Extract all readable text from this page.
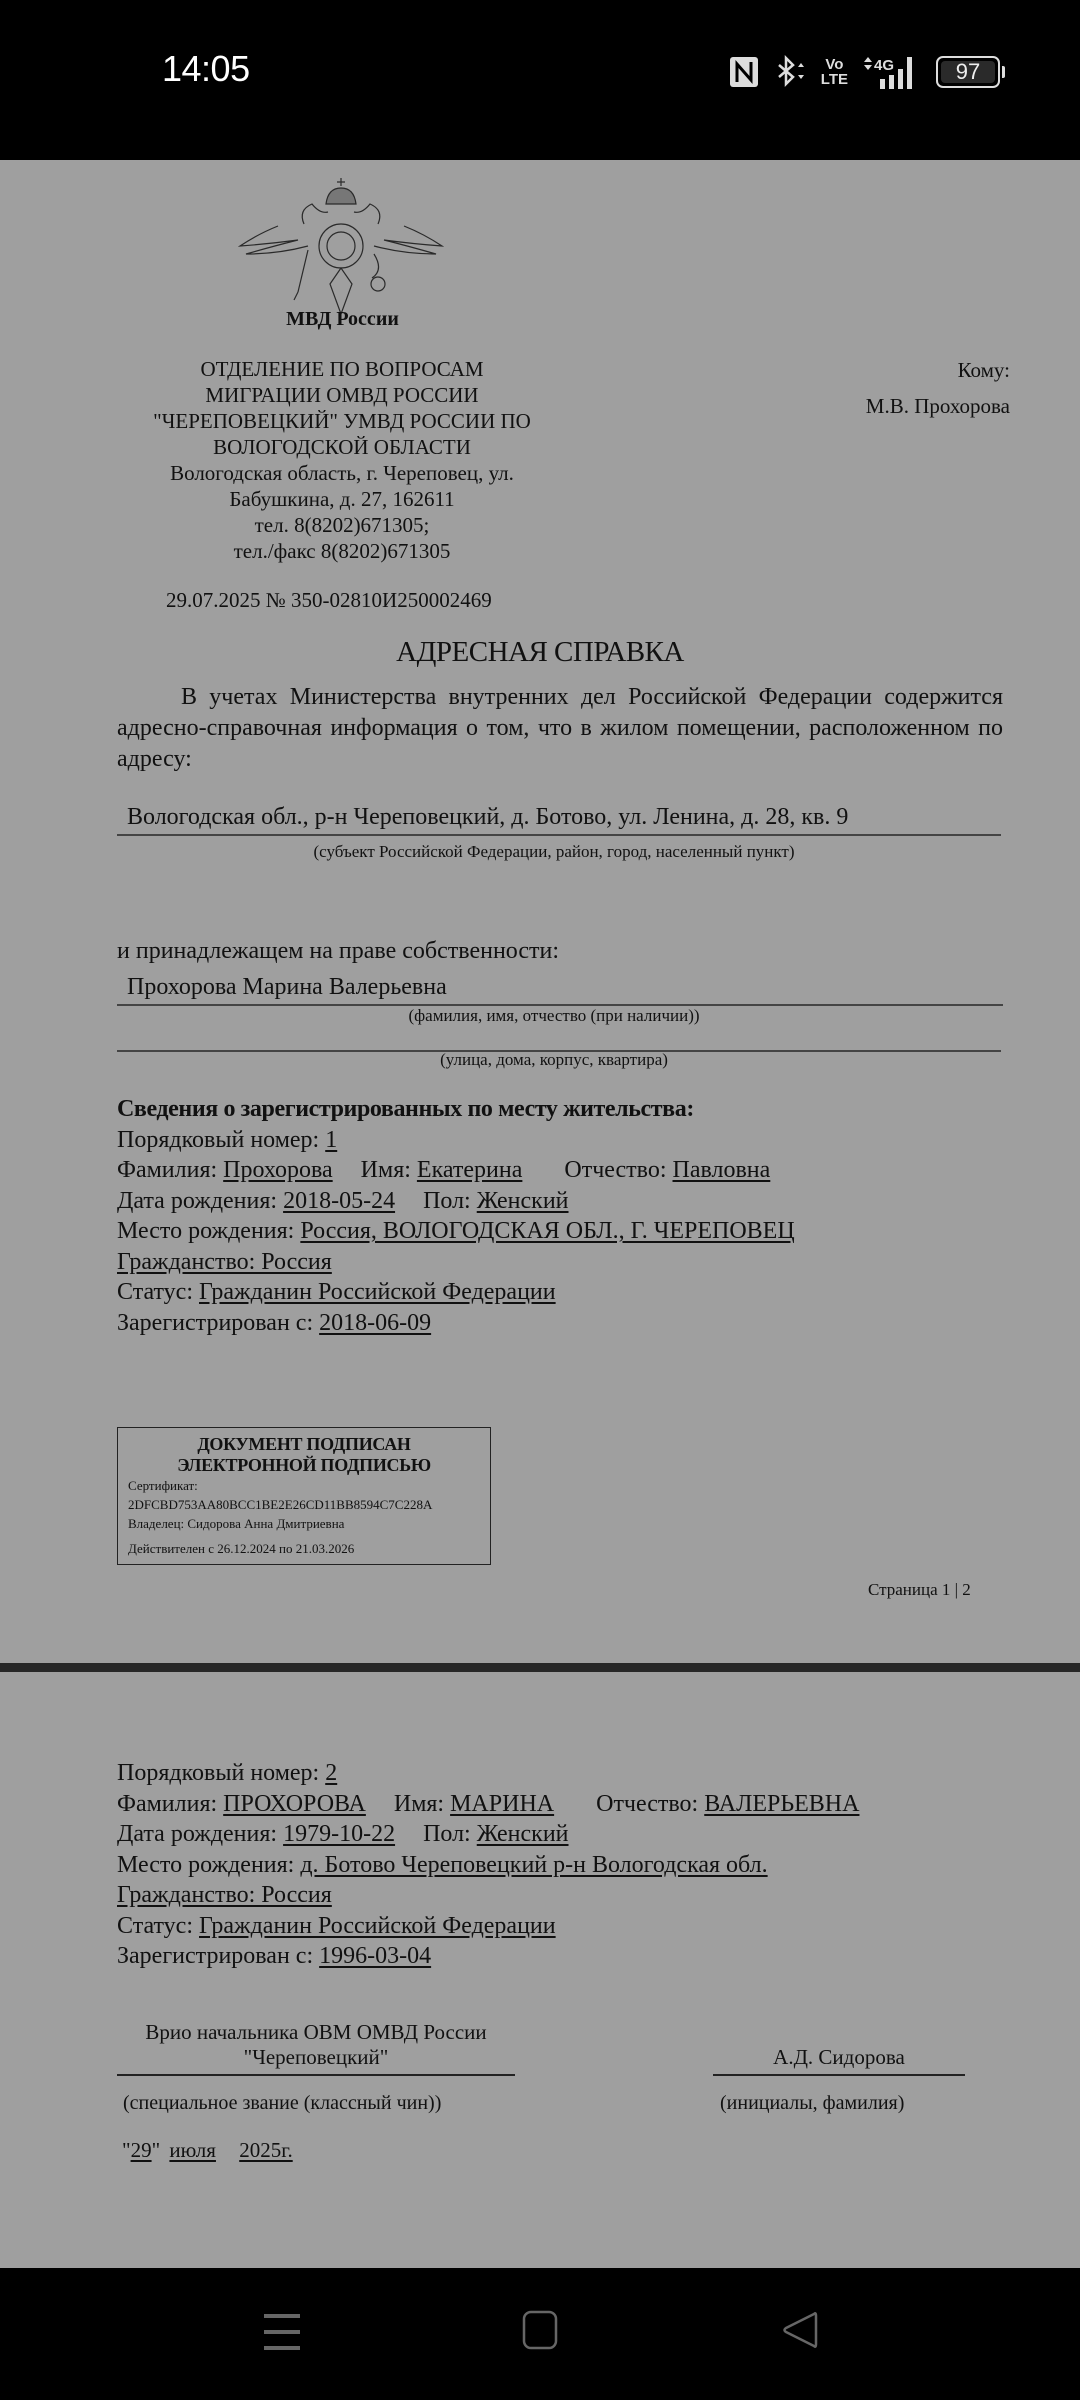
14:05	Vo
LTE
4G	97
МВД России
ОТДЕЛЕНИЕ ПО ВОПРОСАМ
МИГРАЦИИ ОМВД РОССИИ
"ЧЕРЕПОВЕЦКИЙ" УМВД РОССИИ ПО
ВОЛОГОДСКОЙ ОБЛАСТИ
Вологодская область, г. Череповец, ул.
Бабушкина, д. 27, 162611
тел. 8(8202)671305;
тел./факс 8(8202)671305
29.07.2025 № 350-02810И250002469
Кому:
М.В. Прохорова
АДРЕСНАЯ СПРАВКА
В учетах Министерства внутренних дел Российской Федерации содержится адресно-справочная информация о том, что в жилом помещении, расположенном по адресу:
Вологодская обл., р-н Череповецкий, д. Ботово, ул. Ленина, д. 28, кв. 9
(субъект Российской Федерации, район, город, населенный пункт)
(улица, дома, корпус, квартира)
и принадлежащем на праве собственности:
Прохорова Марина Валерьевна
(фамилия, имя, отчество (при наличии))
Сведения о зарегистрированных по месту жительства:
Порядковый номер: 1
Фамилия: Прохорова Имя: Екатерина Отчество: Павловна
Дата рождения: 2018-05-24 Пол: Женский
Место рождения: Россия, ВОЛОГОДСКАЯ ОБЛ., Г. ЧЕРЕПОВЕЦ
Гражданство: Россия
Статус: Гражданин Российской Федерации
Зарегистрирован с: 2018-06-09
ДОКУМЕНТ ПОДПИСАН
ЭЛЕКТРОННОЙ ПОДПИСЬЮ
Сертификат:
2DFCBD753AA80BCC1BE2E26CD11BB8594C7C228A
Владелец: Сидорова Анна Дмитриевна
Действителен с 26.12.2024 по 21.03.2026
Страница 1 | 2
Порядковый номер: 2
Фамилия: ПРОХОРОВА Имя: МАРИНА Отчество: ВАЛЕРЬЕВНА
Дата рождения: 1979-10-22 Пол: Женский
Место рождения: д. Ботово Череповецкий р-н Вологодская обл.
Гражданство: Россия
Статус: Гражданин Российской Федерации
Зарегистрирован с: 1996-03-04
Врио начальника ОВМ ОМВД России
"Череповецкий"
(специальное звание (классный чин))
А.Д. Сидорова
(инициалы, фамилия)
"29" июля 2025г.
